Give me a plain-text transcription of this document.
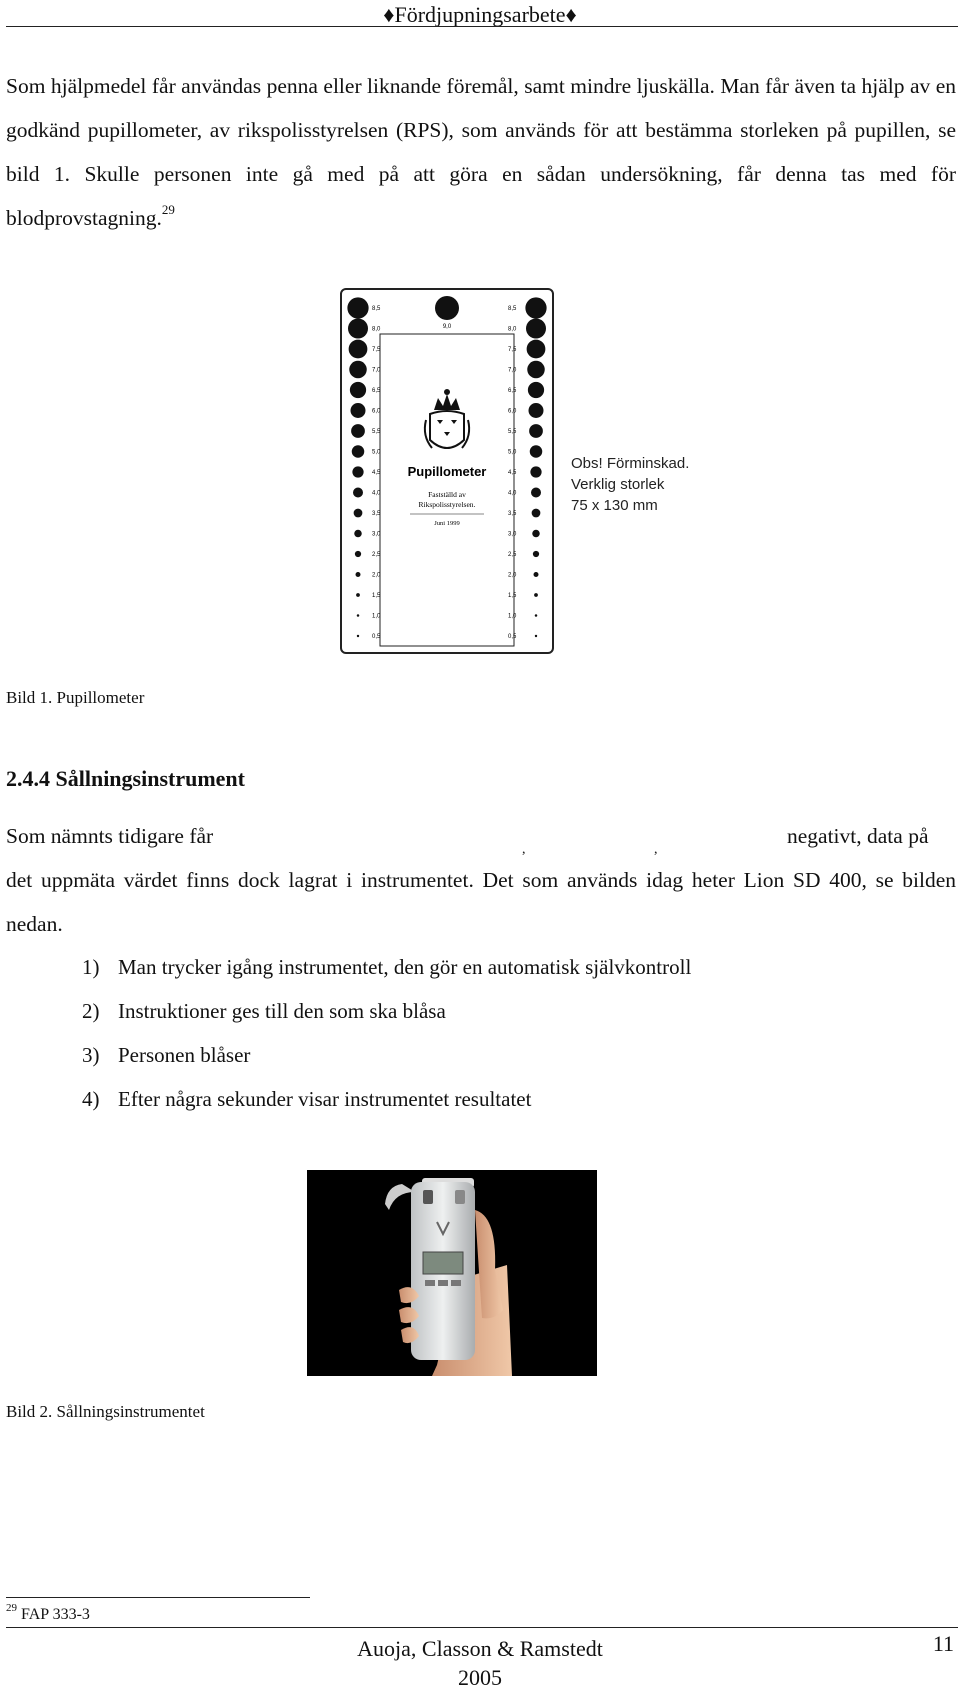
♦Fördjupningsarbete♦
Som hjälpmedel får användas penna eller liknande föremål, samt mindre ljuskälla. Man får även ta hjälp av en godkänd pupillometer, av rikspolisstyrelsen (RPS), som används för att bestämma storleken på pupillen, se bild 1. Skulle personen inte gå med på att göra en sådan undersökning, får denna tas med för blodprovstagning.$^{29}$
9,0
Pupillometer
Fastställd av
Rikspolisstyrelsen.
Juni 1999
8,5
8,0
7,5
7,0
6,5
6,0
5,5
5,0
4,5
4,0
3,5
3,0
2,5
2,0
1,5
1,0
0,5
8,5
8,0
7,5
7,0
6,5
6,0
5,5
5,0
4,5
4,0
3,5
3,0
2,5
2,0
1,5
1,0
0,5
Obs! Förminskad.
Verklig storlek
75 x 130 mm
Bild 1. Pupillometer
2.4.4 Sållningsinstrument
Som nämnts tidigare får
,	,
negativt, data på
det uppmäta värdet finns dock lagrat i instrumentet. Det som används idag heter Lion SD 400, se bilden nedan.
1) Man trycker igång instrumentet, den gör en automatisk självkontroll
2) Instruktioner ges till den som ska blåsa
3) Personen blåser
4) Efter några sekunder visar instrumentet resultatet
Bild 2. Sållningsinstrumentet
$^{29}$ FAP 333-3
Auoja, Classon & Ramstedt
2005
11
